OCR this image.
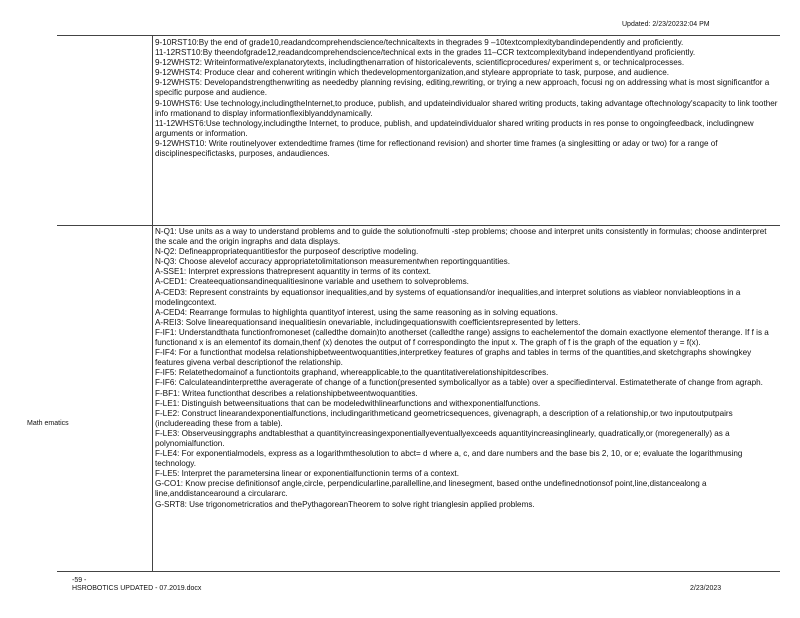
Updated: 2/23/20232:04 PM

9-10RST10:By the end of grade10,readandcomprehendscience/technicaltexts in thegrades 9 –10textcomplexitybandindependently and proficiently.

11-12RST10:By theendofgrade12,readandcomprehendscience/technical exts in the grades 11–CCR textcomplexityband independentlyand proficiently.

9-12WHST2: Writeinformative/explanatorytexts, includingthenarration of historicalevents, scientificprocedures/ experiment s, or technicalprocesses.

9-12WHST4: Produce clear and coherent writingin which thedevelopmentorganization,and styleare appropriate to task, purpose, and audience.

9-12WHST5: Developandstrengthenwriting as neededby planning revising, editing,rewriting, or trying a new approach, focusi ng on addressing what is most significantfor a specific purpose and audience.

9-10WHST6: Use technology,includingtheInternet,to produce, publish, and updateindividualor shared writing products, taking advantage oftechnology'scapacity to link toother info rmationand to display informationflexiblyanddynamically.

11-12WHST6:Use technology,includingthe Internet, to produce, publish, and updateindividualor shared writing products in res ponse to ongoingfeedback, includingnew arguments or information.

9-12WHST10: Write routinelyover extendedtime frames (time for reflectionand revision) and shorter time frames (a singlesitting or aday or two) for a range of disciplinespecifictasks, purposes, andaudiences.

Math ematics

N-Q1: Use units as a way to understand problems and to guide the solutionofmulti -step problems; choose and interpret units consistently in formulas; choose andinterpret the scale and the origin ingraphs and data displays.

N-Q2: Defineappropriatequantitiesfor the purposeof descriptive modeling.

N-Q3: Choose alevelof accuracy appropriatetolimitationson measurementwhen reportingquantities.

A-SSE1: Interpret expressions thatrepresent aquantity in terms of its context.

A-CED1: Createequationsandinequalitiesinone variable and usethem to solveproblems.

A-CED3: Represent constraints by equationsor inequalities,and by systems of equationsand/or inequalities,and interpret solutions as viableor nonviableoptions in a modelingcontext.

A-CED4: Rearrange formulas to highlighta quantityof interest, using the same reasoning as in solving equations.

A-REI3: Solve linearequationsand inequalitiesin onevariable, includingequationswith coefficientsrepresented by letters.

F-IF1: Understandthata functionfromoneset (calledthe domain)to anotherset (calledthe range) assigns to eachelementof the domain exactlyone elementof therange. If f is a functionand x is an elementof its domain,thenf (x) denotes the output of f correspondingto the input x. The graph of f is the graph of the equation y = f(x).

F-IF4: For a functionthat modelsa relationshipbetweentwoquantities,interpretkey features of graphs and tables in terms of the quantities,and sketchgraphs showingkey features givena verbal descriptionof the relationship.

F-IF5: Relatethedomainof a functiontoits graphand, whereapplicable,to the quantitativerelationshipitdescribes.

F-IF6: Calculateandinterpretthe averagerate of change of a function(presented symbolicallyor as a table) over a specifiedinterval. Estimatetherate of change from agraph.

F-BF1: Writea functionthat describes a relationshipbetweentwoquantities.

F-LE1: Distinguish betweensituations that can be modeledwithlinearfunctions and withexponentialfunctions.

F-LE2: Construct linearandexponentialfunctions, includingarithmeticand geometricsequences, givenagraph, a description of a relationship,or two inputoutputpairs (includereading these from a table).

F-LE3: Observeusinggraphs andtablesthat a quantityincreasingexponentiallyeventuallyexceeds aquantityincreasinglinearly, quadratically,or (moregenerally) as a polynomialfunction.

F-LE4: For exponentialmodels, express as a logarithmthesolution to abct= d where a, c, and dare numbers and the base bis 2, 10, or e; evaluate the logarithmusing technology.

F-LE5: Interpret the parametersina linear or exponentialfunctionin terms of a context.

G-CO1: Know precise definitionsof angle,circle, perpendicularline,parallelline,and linesegment, based onthe undefinednotionsof point,line,distancealong a line,anddistancearound a circulararc.

G-SRT8: Use trigonometricratios and thePythagoreanTheorem to solve right trianglesin applied problems.

-59 -
HSROBOTICS UPDATED - 07.2019.docx	2/23/2023
